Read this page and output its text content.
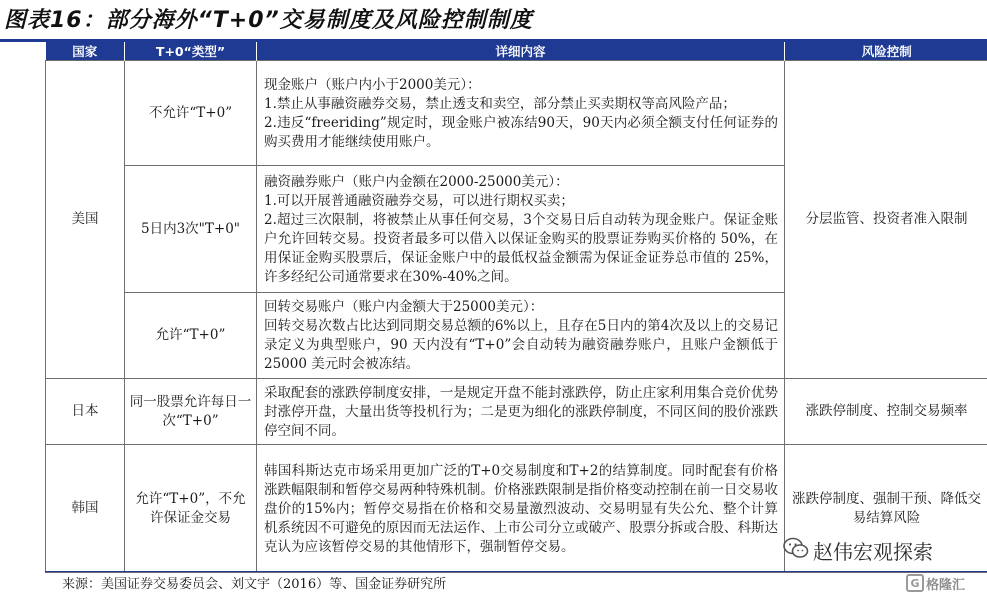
图表16：部分海外“T+0”交易制度及风险控制制度
国家	T+0“类型”	详细内容	风险控制
美国	不允许“T+0”	现金账户（账户内小于2000美元）：
1.禁止从事融资融券交易，禁止透支和卖空，部分禁止买卖期权等高风险产品；
2.违反“freeriding”规定时，现金账户被冻结90天，90天内必须全额支付任何证券的购买费用才能继续使用账户。	分层监管、投资者准入限制
	5日内3次"T+0"	融资融券账户（账户内金额在2000-25000美元）：
1.可以开展普通融资融券交易，可以进行期权买卖；
2.超过三次限制，将被禁止从事任何交易，3个交易日后自动转为现金账户。保证金账户允许回转交易。投资者最多可以借入以保证金购买的股票证券购买价格的 50%，在用保证金购买股票后，保证金账户中的最低权益金额需为保证金证券总市值的 25%，许多经纪公司通常要求在30%-40%之间。	

	允许“T+0”	回转交易账户（账户内金额大于25000美元）：
回转交易次数占比达到同期交易总额的6%以上，且存在5日内的第4次及以上的交易记录定义为典型账户，90 天内没有“T+0”会自动转为融资融券账户，且账户金额低于 25000 美元时会被冻结。	

日本	同一股票允许每日一次“T+0”	采取配套的涨跌停制度安排，一是规定开盘不能封涨跌停，防止庄家利用集合竞价优势封涨停开盘，大量出货等投机行为；二是更为细化的涨跌停制度，不同区间的股价涨跌停空间不同。	涨跌停制度、控制交易频率
韩国	允许“T+0”，不允许保证金交易	韩国科斯达克市场采用更加广泛的T+0交易制度和T+2的结算制度。同时配套有价格涨跌幅限制和暂停交易两种特殊机制。价格涨跌限制是指价格变动控制在前一日交易收盘价的15%内；暂停交易指在价格和交易量激烈波动、交易明显有失公允、整个计算机系统因不可避免的原因而无法运作、上市公司分立或破产、股票分拆或合股、科斯达克认为应该暂停交易的其他情形下，强制暂停交易。	涨跌停制度、强制干预、降低交易结算风险
来源：美国证券交易委员会、刘文宇（2016）等、国金证券研究所
赵伟宏观探索
G 格隆汇
